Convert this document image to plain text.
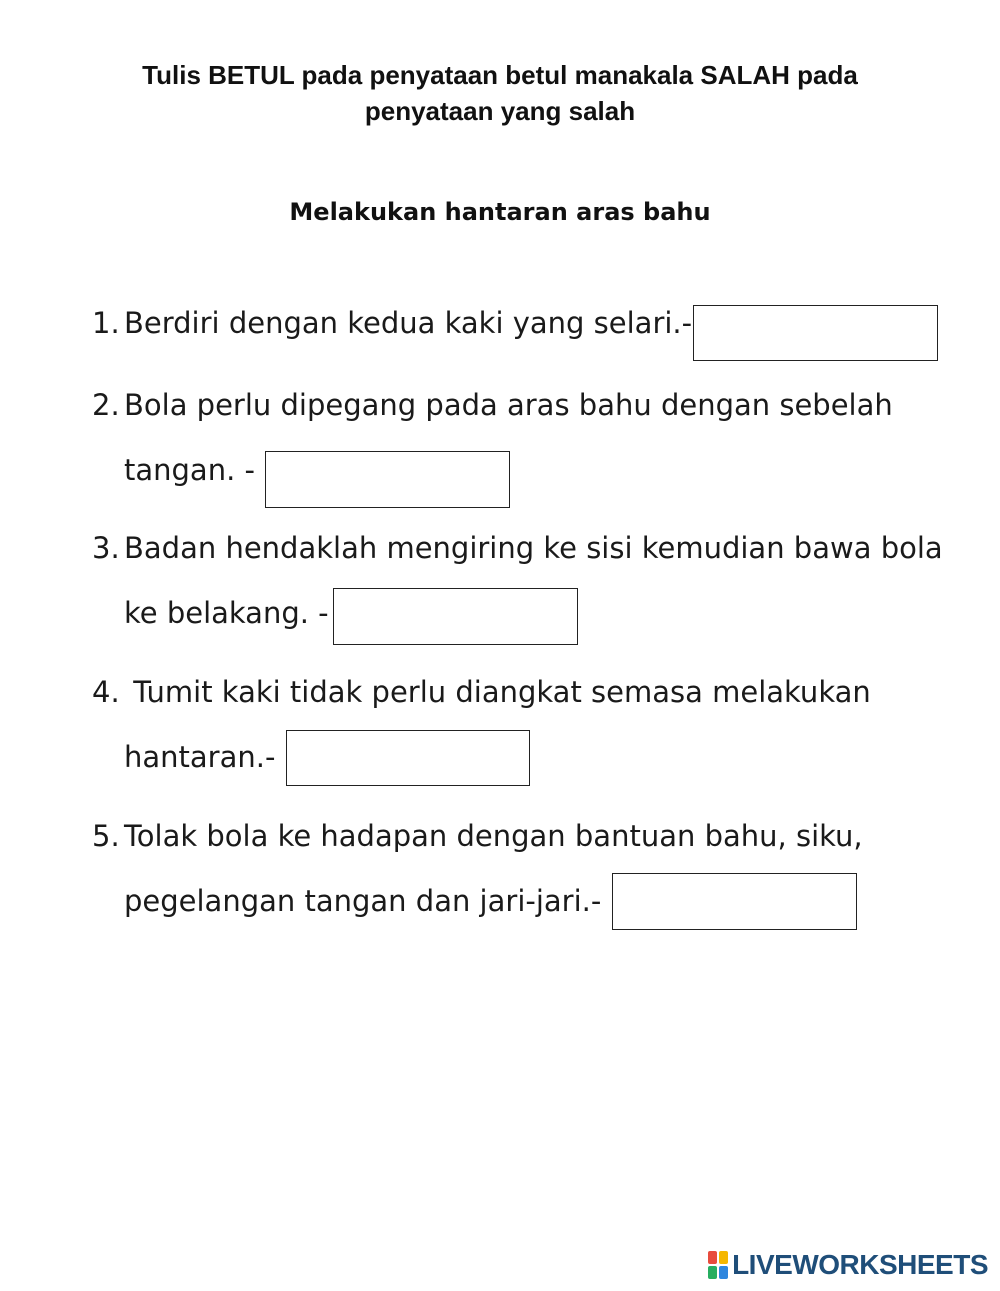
Tulis BETUL pada penyataan betul manakala SALAH pada
penyataan yang salah
Melakukan hantaran aras bahu
1. Berdiri dengan kedua kaki yang selari.-
2. Bola perlu dipegang pada aras bahu dengan sebelah
tangan. -
3. Badan hendaklah mengiring ke sisi kemudian bawa bola
ke belakang. -
4. Tumit kaki tidak perlu diangkat semasa melakukan
hantaran.-
5. Tolak bola ke hadapan dengan bantuan bahu, siku,
pegelangan tangan dan jari-jari.-
LIVEWORKSHEETS
